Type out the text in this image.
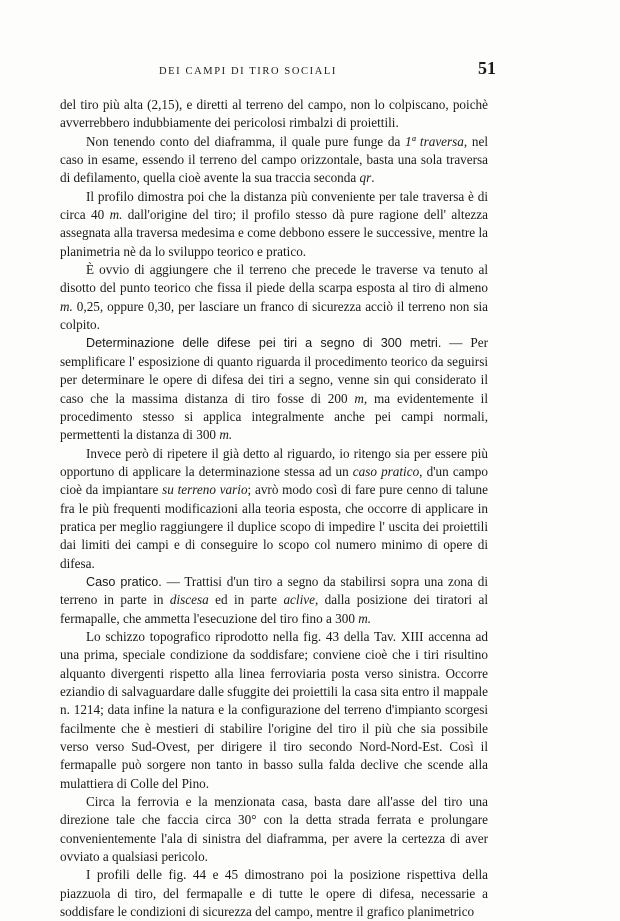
DEI CAMPI DI TIRO SOCIALI	51

del tiro più alta (2,15), e diretti al terreno del campo, non lo colpiscano, poichè avverrebbero indubbiamente dei pericolosi rimbalzi di proiettili.

Non tenendo conto del diaframma, il quale pure funge da 1ª traversa, nel caso in esame, essendo il terreno del campo orizzontale, basta una sola traversa di defilamento, quella cioè avente la sua traccia seconda qr.

Il profilo dimostra poi che la distanza più conveniente per tale traversa è di circa 40 m. dall'origine del tiro; il profilo stesso dà pure ragione dell' altezza assegnata alla traversa medesima e come debbono essere le successive, mentre la planimetria nè da lo sviluppo teorico e pratico.

È ovvio di aggiungere che il terreno che precede le traverse va tenuto al disotto del punto teorico che fissa il piede della scarpa esposta al tiro di almeno m. 0,25, oppure 0,30, per lasciare un franco di sicurezza acciò il terreno non sia colpito.

Determinazione delle difese pei tiri a segno di 300 metri. — Per semplificare l' esposizione di quanto riguarda il procedimento teorico da seguirsi per determinare le opere di difesa dei tiri a segno, venne sin qui considerato il caso che la massima distanza di tiro fosse di 200 m, ma evidentemente il procedimento stesso si applica integralmente anche pei campi normali, permettenti la distanza di 300 m.

Invece però di ripetere il già detto al riguardo, io ritengo sia per essere più opportuno di applicare la determinazione stessa ad un caso pratico, d'un campo cioè da impiantare su terreno vario; avrò modo così di fare pure cenno di talune fra le più frequenti modificazioni alla teoria esposta, che occorre di applicare in pratica per meglio raggiungere il duplice scopo di impedire l' uscita dei proiettili dai limiti dei campi e di conseguire lo scopo col numero minimo di opere di difesa.

Caso pratico. — Trattisi d'un tiro a segno da stabilirsi sopra una zona di terreno in parte in discesa ed in parte aclive, dalla posizione dei tiratori al fermapalle, che ammetta l'esecuzione del tiro fino a 300 m.

Lo schizzo topografico riprodotto nella fig. 43 della Tav. XIII accenna ad una prima, speciale condizione da soddisfare; conviene cioè che i tiri risultino alquanto divergenti rispetto alla linea ferroviaria posta verso sinistra. Occorre eziandio di salvaguardare dalle sfuggite dei proiettili la casa sita entro il mappale n. 1214; data infine la natura e la configurazione del terreno d'impianto scorgesi facilmente che è mestieri di stabilire l'origine del tiro il più che sia possibile verso verso Sud-Ovest, per dirigere il tiro secondo Nord-Nord-Est. Così il fermapalle può sorgere non tanto in basso sulla falda declive che scende alla mulattiera di Colle del Pino.

Circa la ferrovia e la menzionata casa, basta dare all'asse del tiro una direzione tale che faccia circa 30° con la detta strada ferrata e prolungare convenientemente l'ala di sinistra del diaframma, per avere la certezza di aver ovviato a qualsiasi pericolo.

I profili delle fig. 44 e 45 dimostrano poi la posizione rispettiva della piazzuola di tiro, del fermapalle e di tutte le opere di difesa, necessarie a soddisfare le condizioni di sicurezza del campo, mentre il grafico planimetrico
